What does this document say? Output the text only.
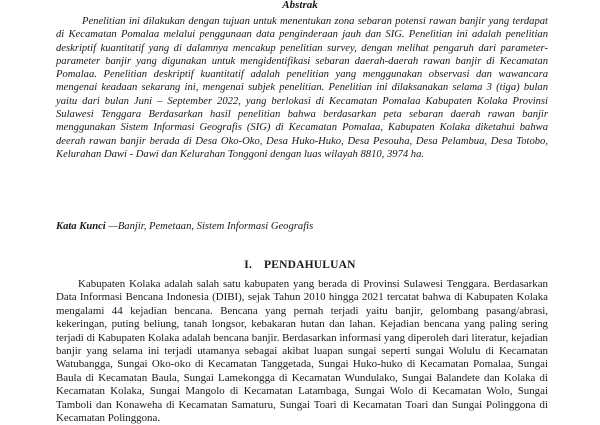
Abstrak

Penelitian ini dilakukan dengan tujuan untuk menentukan zona sebaran potensi rawan banjir yang terdapat di Kecamatan Pomalaa melalui penggunaan data penginderaan jauh dan SIG. Penelitian ini adalah penelitian deskriptif kuantitatif yang di dalamnya mencakup penelitian survey, dengan melihat pengaruh dari parameter-parameter banjir yang digunakan untuk mengidentifikasi sebaran daerah-daerah rawan banjir di Kecamatan Pomalaa. Penelitian deskriptif kuantitatif adalah penelitian yang menggunakan observasi dan wawancara mengenai keadaan sekarang ini, mengenai subjek penelitian. Penelitian ini dilaksanakan selama 3 (tiga) bulan yaitu dari bulan Juni – September 2022, yang berlokasi di Kecamatan Pomalaa Kabupaten Kolaka Provinsi Sulawesi Tenggara Berdasarkan hasil penelitian bahwa berdasarkan peta sebaran daerah rawan banjir menggunakan Sistem Informasi Geografis (SIG) di Kecamatan Pomalaa, Kabupaten Kolaka diketahui bahwa deerah rawan banjir berada di Desa Oko-Oko, Desa Huko-Huko, Desa Pesouha, Desa Pelambua, Desa Totobo, Kelurahan Dawi - Dawi dan Kelurahan Tonggoni dengan luas wilayah 8810, 3974 ha.

Kata Kunci —Banjir, Pemetaan, Sistem Informasi Geografis

I. PENDAHULUAN

Kabupaten Kolaka adalah salah satu kabupaten yang berada di Provinsi Sulawesi Tenggara. Berdasarkan Data Informasi Bencana Indonesia (DIBI), sejak Tahun 2010 hingga 2021 tercatat bahwa di Kabupaten Kolaka mengalami 44 kejadian bencana. Bencana yang pernah terjadi yaitu banjir, gelombang pasang/abrasi, kekeringan, puting beliung, tanah longsor, kebakaran hutan dan lahan. Kejadian bencana yang paling sering terjadi di Kabupaten Kolaka adalah bencana banjir. Berdasarkan informasi yang diperoleh dari literatur, kejadian banjir yang selama ini terjadi utamanya sebagai akibat luapan sungai seperti sungai Wolulu di Kecamatan Watubangga, Sungai Oko-oko di Kecamatan Tanggetada, Sungai Huko-huko di Kecamatan Pomalaa, Sungai Baula di Kecamatan Baula, Sungai Lamekongga di Kecamatan Wundulako, Sungai Balandete dan Kolaka di Kecamatan Kolaka, Sungai Mangolo di Kecamatan Latambaga, Sungai Wolo di Kecamatan Wolo, Sungai Tamboli dan Konaweha di Kecamatan Samaturu, Sungai Toari di Kecamatan Toari dan Sungai Polinggona di Kecamatan Polinggona.
